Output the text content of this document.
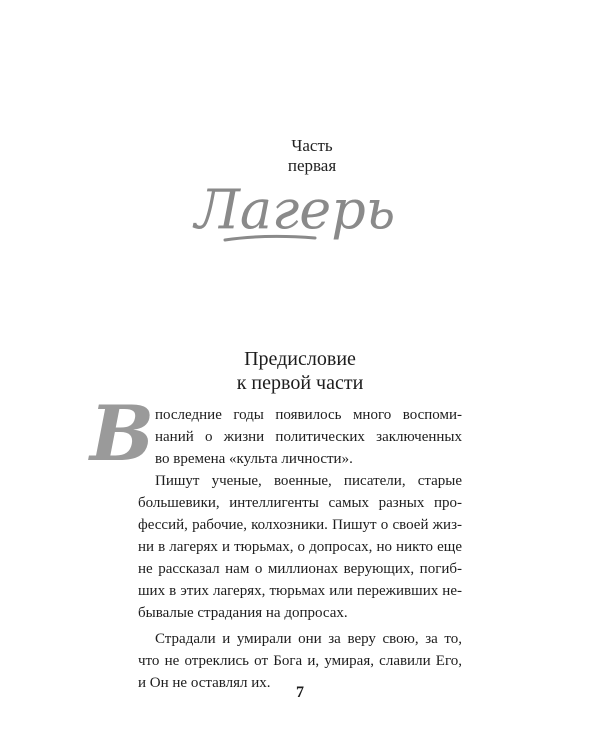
Часть
первая
Лагерь
Предисловие
к первой части
В последние годы появилось много воспоми-
наний о жизни политических заключенных
во времена «культа личности».
Пишут ученые, военные, писатели, старые
большевики, интеллигенты самых разных про-
фессий, рабочие, колхозники. Пишут о своей жиз-
ни в лагерях и тюрьмах, о допросах, но никто еще
не рассказал нам о миллионах верующих, погиб-
ших в этих лагерях, тюрьмах или переживших не-
бывалые страдания на допросах.
Страдали и умирали они за веру свою, за то,
что не отреклись от Бога и, умирая, славили Его,
и Он не оставлял их.
7
